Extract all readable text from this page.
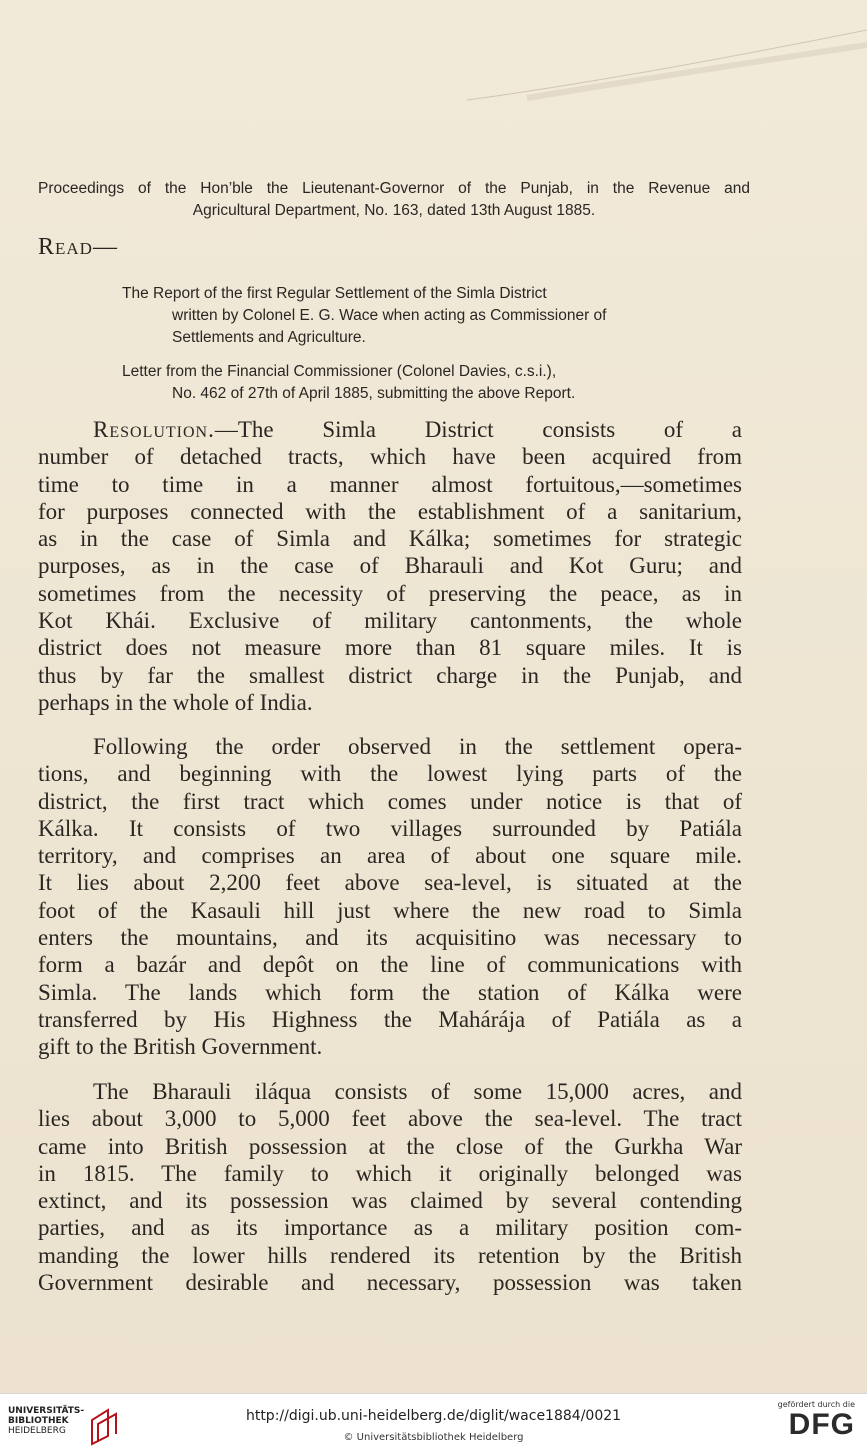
Proceedings of the Hon’ble the Lieutenant-Governor of the Punjab, in the Revenue and
Agricultural Department, No. 163, dated 13th August 1885.
Read—
The Report of the first Regular Settlement of the Simla District
written by Colonel E. G. Wace when acting as Commissioner of
Settlements and Agriculture.
Letter from the Financial Commissioner (Colonel Davies, c.s.i.),
No. 462 of 27th of April 1885, submitting the above Report.
Resolution.—The Simla District consists of a
number of detached tracts, which have been acquired from
time to time in a manner almost fortuitous,—sometimes
for purposes connected with the establishment of a sanitarium,
as in the case of Simla and Kálka; sometimes for strategic
purposes, as in the case of Bharauli and Kot Guru; and
sometimes from the necessity of preserving the peace, as in
Kot Khái. Exclusive of military cantonments, the whole
district does not measure more than 81 square miles. It is
thus by far the smallest district charge in the Punjab, and
perhaps in the whole of India.
Following the order observed in the settlement opera-
tions, and beginning with the lowest lying parts of the
district, the first tract which comes under notice is that of
Kálka. It consists of two villages surrounded by Patiála
territory, and comprises an area of about one square mile.
It lies about 2,200 feet above sea-level, is situated at the
foot of the Kasauli hill just where the new road to Simla
enters the mountains, and its acquisitino was necessary to
form a bazár and depôt on the line of communications with
Simla. The lands which form the station of Kálka were
transferred by His Highness the Mahárája of Patiála as a
gift to the British Government.
The Bharauli iláqua consists of some 15,000 acres, and
lies about 3,000 to 5,000 feet above the sea-level. The tract
came into British possession at the close of the Gurkha War
in 1815. The family to which it originally belonged was
extinct, and its possession was claimed by several contending
parties, and as its importance as a military position com-
manding the lower hills rendered its retention by the British
Government desirable and necessary, possession was taken
UNIVERSITÄTS-
BIBLIOTHEK
HEIDELBERG
http://digi.ub.uni-heidelberg.de/diglit/wace1884/0021
© Universitätsbibliothek Heidelberg
gefördert durch die
DFG
